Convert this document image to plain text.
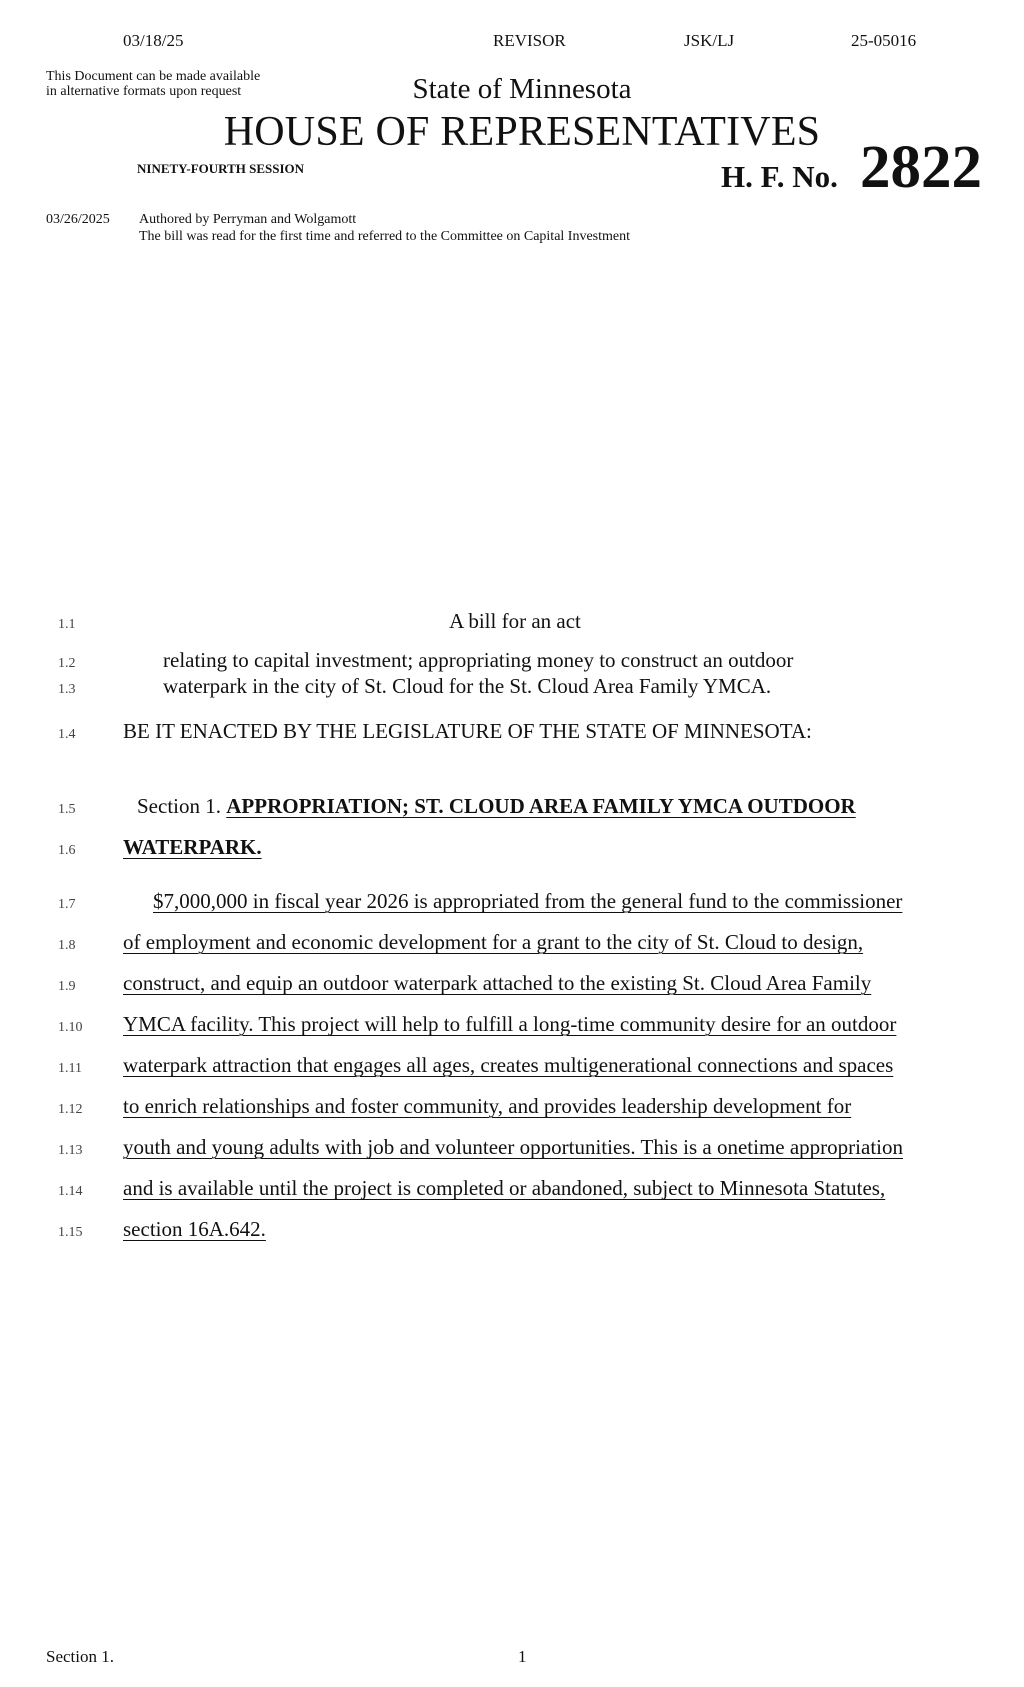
03/18/25	REVISOR	JSK/LJ	25-05016
This Document can be made available
in alternative formats upon request	State of Minnesota
HOUSE OF REPRESENTATIVES
NINETY-FOURTH SESSION	H. F. No. 2822
03/26/2025 Authored by Perryman and Wolgamott
The bill was read for the first time and referred to the Committee on Capital Investment
1.1	A bill for an act
1.2	relating to capital investment; appropriating money to construct an outdoor
1.3	waterpark in the city of St. Cloud for the St. Cloud Area Family YMCA.
1.4 BE IT ENACTED BY THE LEGISLATURE OF THE STATE OF MINNESOTA:
1.5	Section 1. APPROPRIATION; ST. CLOUD AREA FAMILY YMCA OUTDOOR
1.6 WATERPARK.
1.7	$7,000,000 in fiscal year 2026 is appropriated from the general fund to the commissioner
1.8 of employment and economic development for a grant to the city of St. Cloud to design,
1.9 construct, and equip an outdoor waterpark attached to the existing St. Cloud Area Family
1.10 YMCA facility. This project will help to fulfill a long-time community desire for an outdoor
1.11 waterpark attraction that engages all ages, creates multigenerational connections and spaces
1.12 to enrich relationships and foster community, and provides leadership development for
1.13 youth and young adults with job and volunteer opportunities. This is a onetime appropriation
1.14 and is available until the project is completed or abandoned, subject to Minnesota Statutes,
1.15 section 16A.642.
Section 1.	1
